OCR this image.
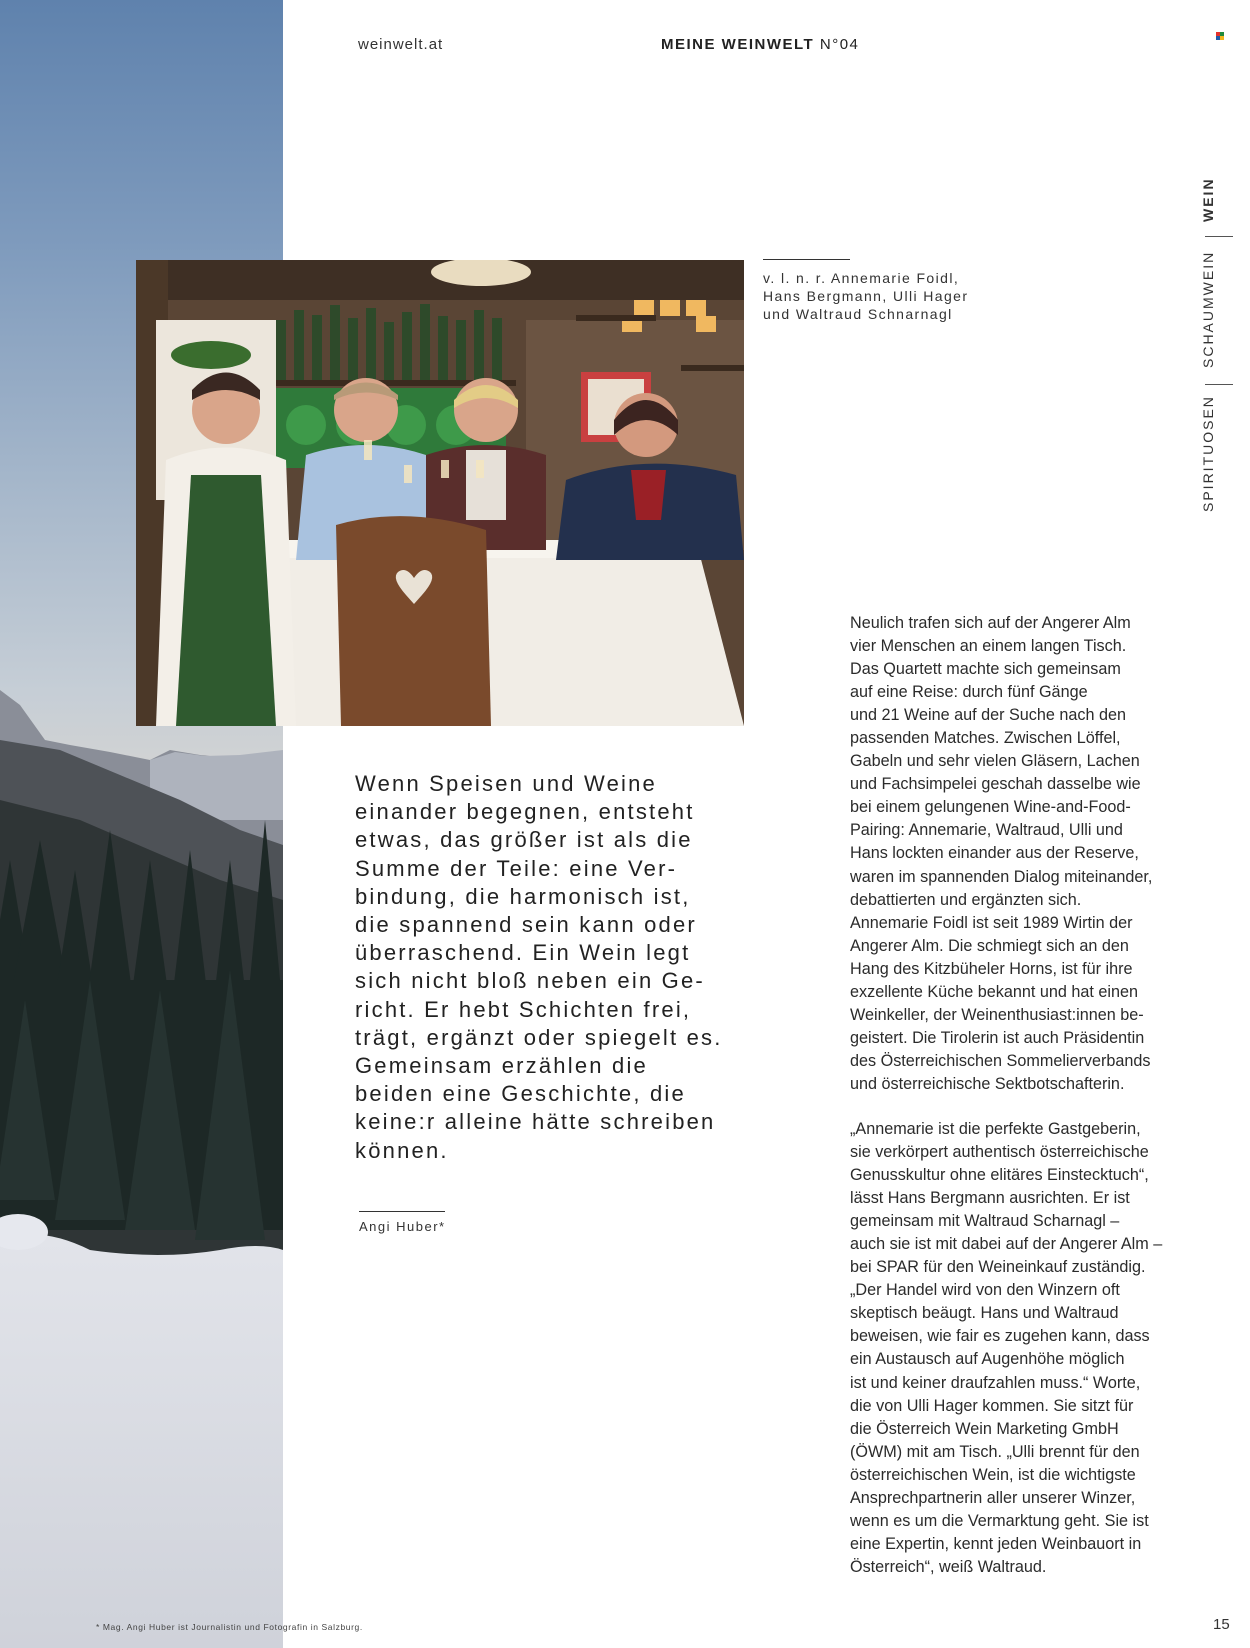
weinwelt.at	MEINE WEINWELT N°04
WEIN
SCHAUMWEIN
SPIRITUOSEN
v. l. n. r. Annemarie Foidl,
Hans Bergmann, Ulli Hager
und Waltraud Schnarnagl
Wenn Speisen und Weine
einander begegnen, entsteht
etwas, das größer ist als die
Summe der Teile: eine Ver-
bindung, die harmonisch ist,
die spannend sein kann oder
überraschend. Ein Wein legt
sich nicht bloß neben ein Ge-
richt. Er hebt Schichten frei,
trägt, ergänzt oder spiegelt es.
Gemeinsam erzählen die
beiden eine Geschichte, die
keine:r alleine hätte schreiben
können.
Angi Huber*
Neulich trafen sich auf der Angerer Alm
vier Menschen an einem langen Tisch.
Das Quartett machte sich gemeinsam
auf eine Reise: durch fünf Gänge
und 21 Weine auf der Suche nach den
passenden Matches. Zwischen Löffel,
Gabeln und sehr vielen Gläsern, Lachen
und Fachsimpelei geschah dasselbe wie
bei einem gelungenen Wine-and-Food-
Pairing: Annemarie, Waltraud, Ulli und
Hans lockten einander aus der Reserve,
waren im spannenden Dialog miteinander,
debattierten und ergänzten sich.
Annemarie Foidl ist seit 1989 Wirtin der
Angerer Alm. Die schmiegt sich an den
Hang des Kitzbüheler Horns, ist für ihre
exzellente Küche bekannt und hat einen
Weinkeller, der Weinenthusiast:innen be-
geistert. Die Tirolerin ist auch Präsidentin
des Österreichischen Sommelierverbands
und österreichische Sektbotschafterin.
„Annemarie ist die perfekte Gastgeberin,
sie verkörpert authentisch österreichische
Genusskultur ohne elitäres Einstecktuch“,
lässt Hans Bergmann ausrichten. Er ist
gemeinsam mit Waltraud Scharnagl –
auch sie ist mit dabei auf der Angerer Alm –
bei SPAR für den Weineinkauf zuständig.
„Der Handel wird von den Winzern oft
skeptisch beäugt. Hans und Waltraud
beweisen, wie fair es zugehen kann, dass
ein Austausch auf Augenhöhe möglich
ist und keiner draufzahlen muss.“ Worte,
die von Ulli Hager kommen. Sie sitzt für
die Österreich Wein Marketing GmbH
(ÖWM) mit am Tisch. „Ulli brennt für den
österreichischen Wein, ist die wichtigste
Ansprechpartnerin aller unserer Winzer,
wenn es um die Vermarktung geht. Sie ist
eine Expertin, kennt jeden Weinbauort in
Österreich“, weiß Waltraud.
* Mag. Angi Huber ist Journalistin und Fotografin in Salzburg.	15
